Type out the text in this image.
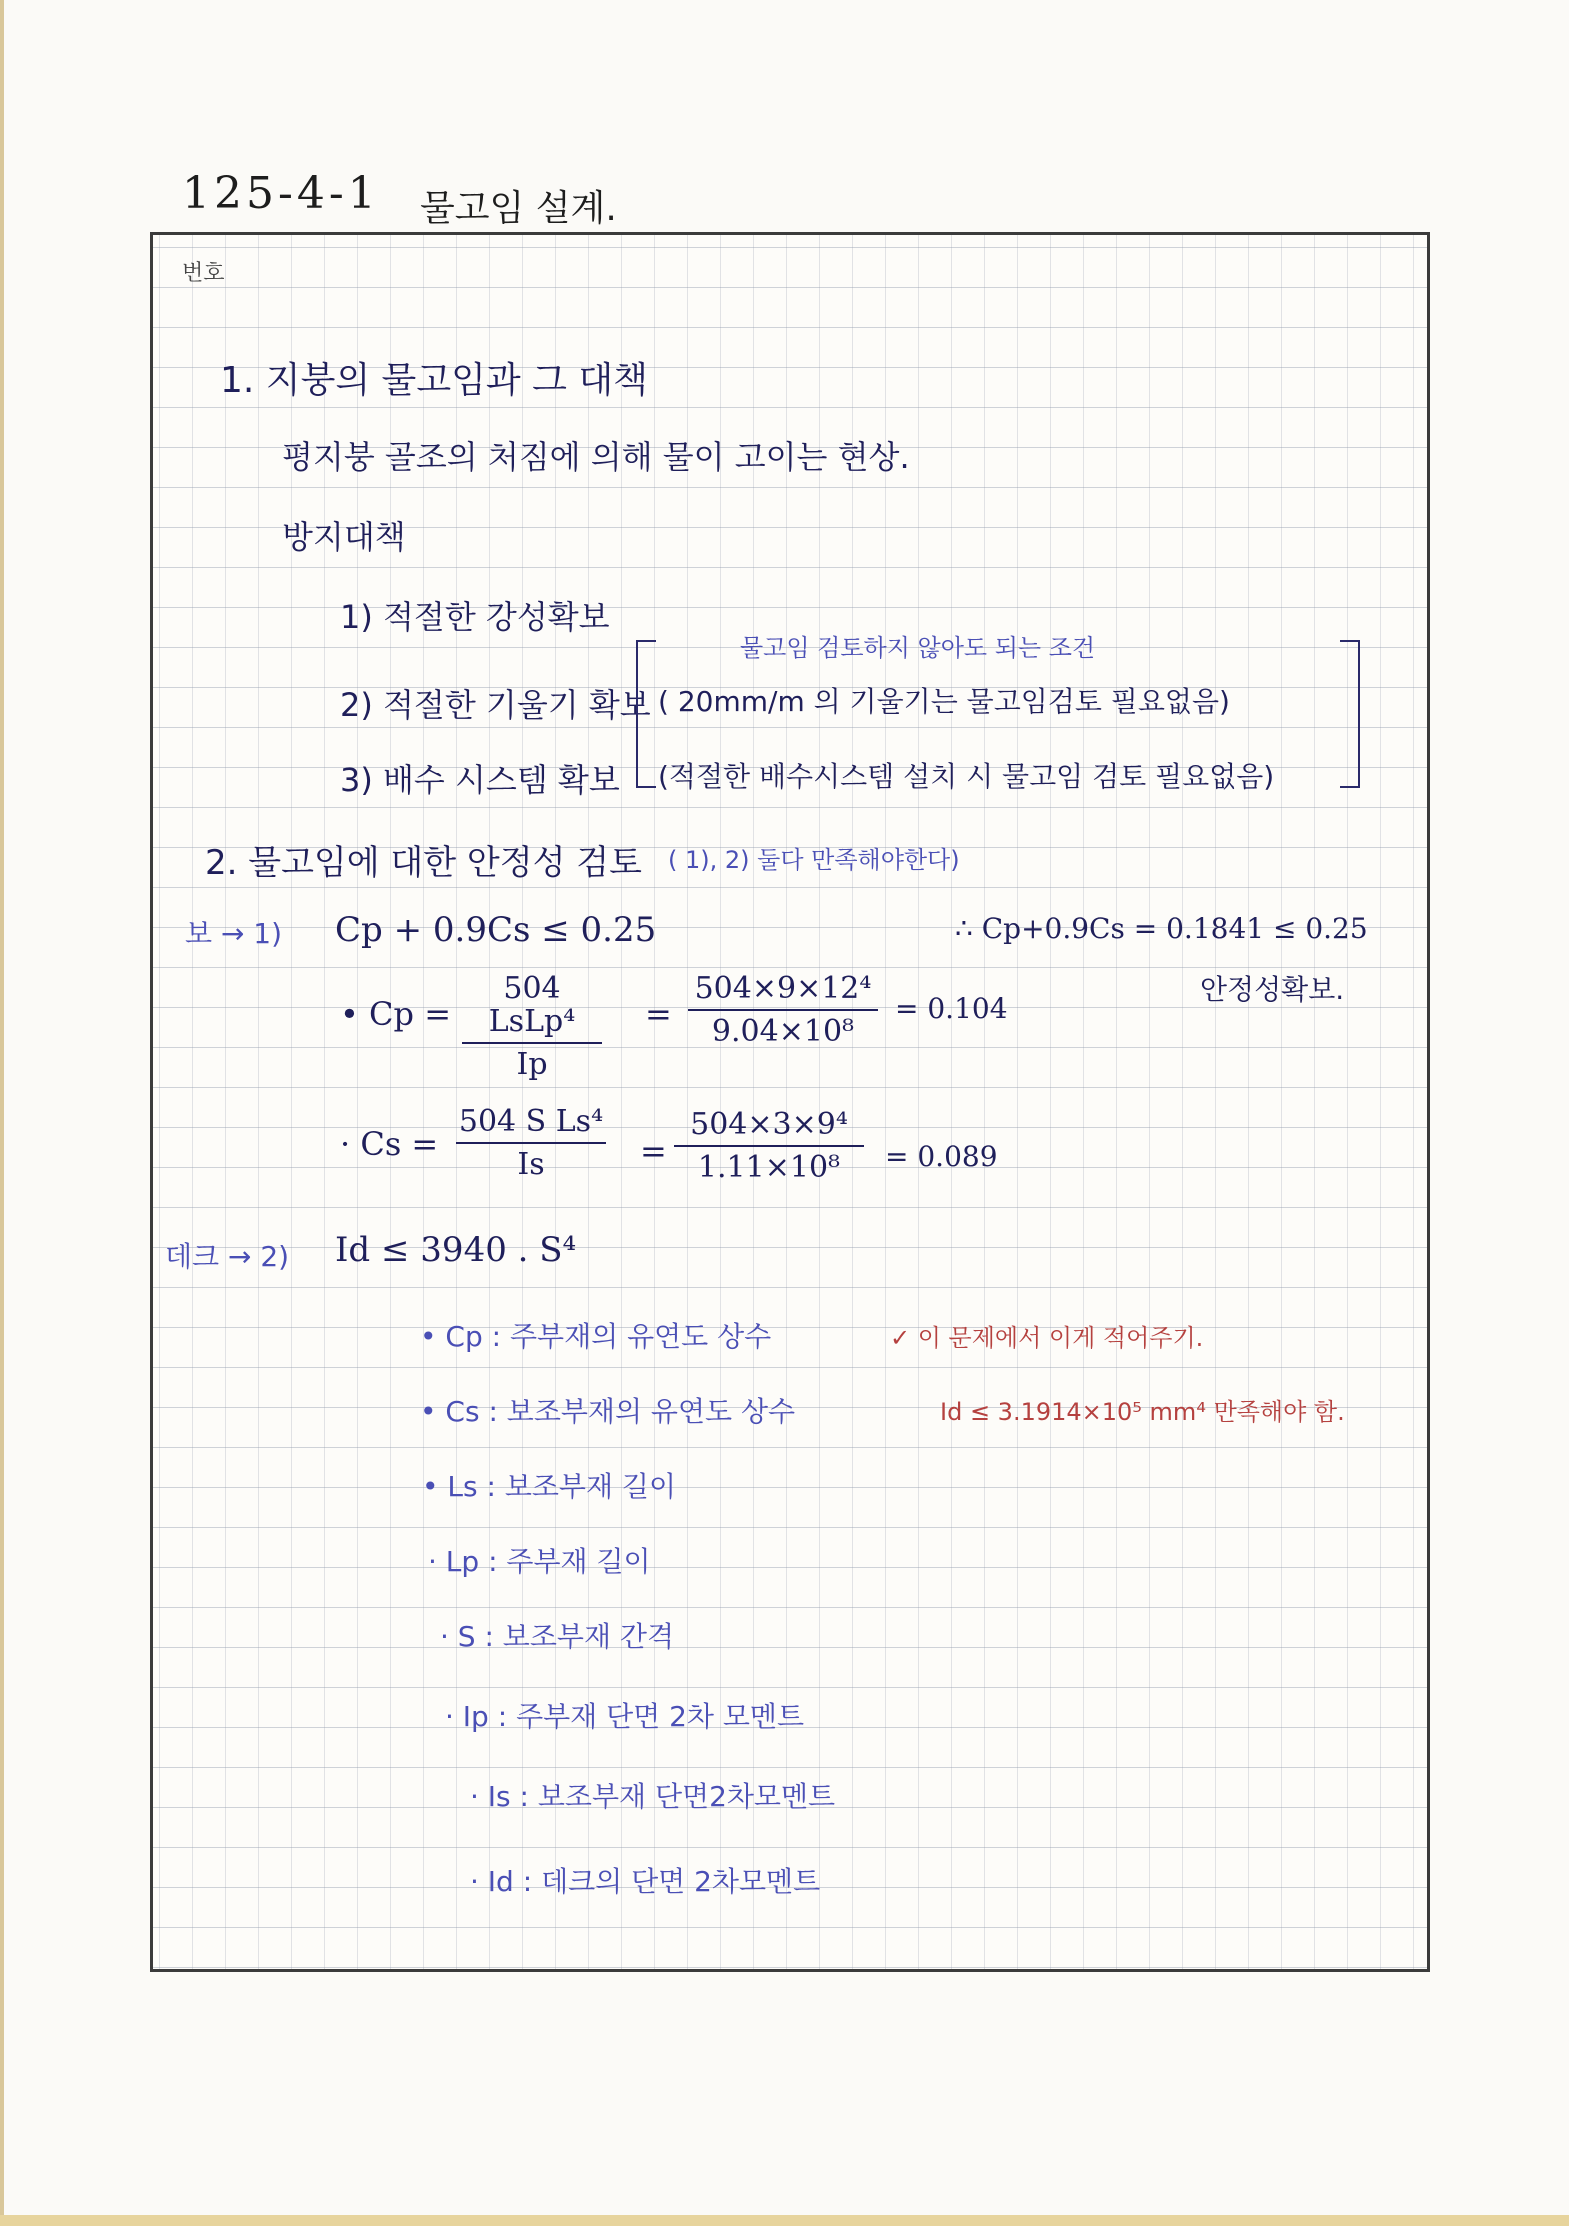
125-4-1 물고임 설계.
번호
1. 지붕의 물고임과 그 대책
평지붕 골조의 처짐에 의해 물이 고이는 현상.
방지대책
1) 적절한 강성확보
2) 적절한 기울기 확보
3) 배수 시스템 확보
물고임 검토하지 않아도 되는 조건
( 20mm/m 의 기울기는 물고임검토 필요없음)
(적절한 배수시스템 설치 시 물고임 검토 필요없음)
2. 물고임에 대한 안정성 검토 ( 1), 2) 둘다 만족해야한다)
보 → 1) Cp + 0.9Cs ≤ 0.25	∴ Cp+0.9Cs = 0.1841 ≤ 0.25
안정성확보.
• Cp =
504 LsLp⁴
Ip
=
504×9×12⁴
9.04×10⁸
= 0.104
· Cs =
504 S Ls⁴
Is	=
504×3×9⁴
1.11×10⁸	= 0.089
데크 → 2) Id ≤ 3940 . S⁴
• Cp : 주부재의 유연도 상수
• Cs : 보조부재의 유연도 상수
• Ls : 보조부재 길이
· Lp : 주부재 길이
· S : 보조부재 간격
· Ip : 주부재 단면 2차 모멘트
· Is : 보조부재 단면2차모멘트
· Id : 데크의 단면 2차모멘트
✓ 이 문제에서 이게 적어주기.
Id ≤ 3.1914×10⁵ mm⁴ 만족해야 함.
